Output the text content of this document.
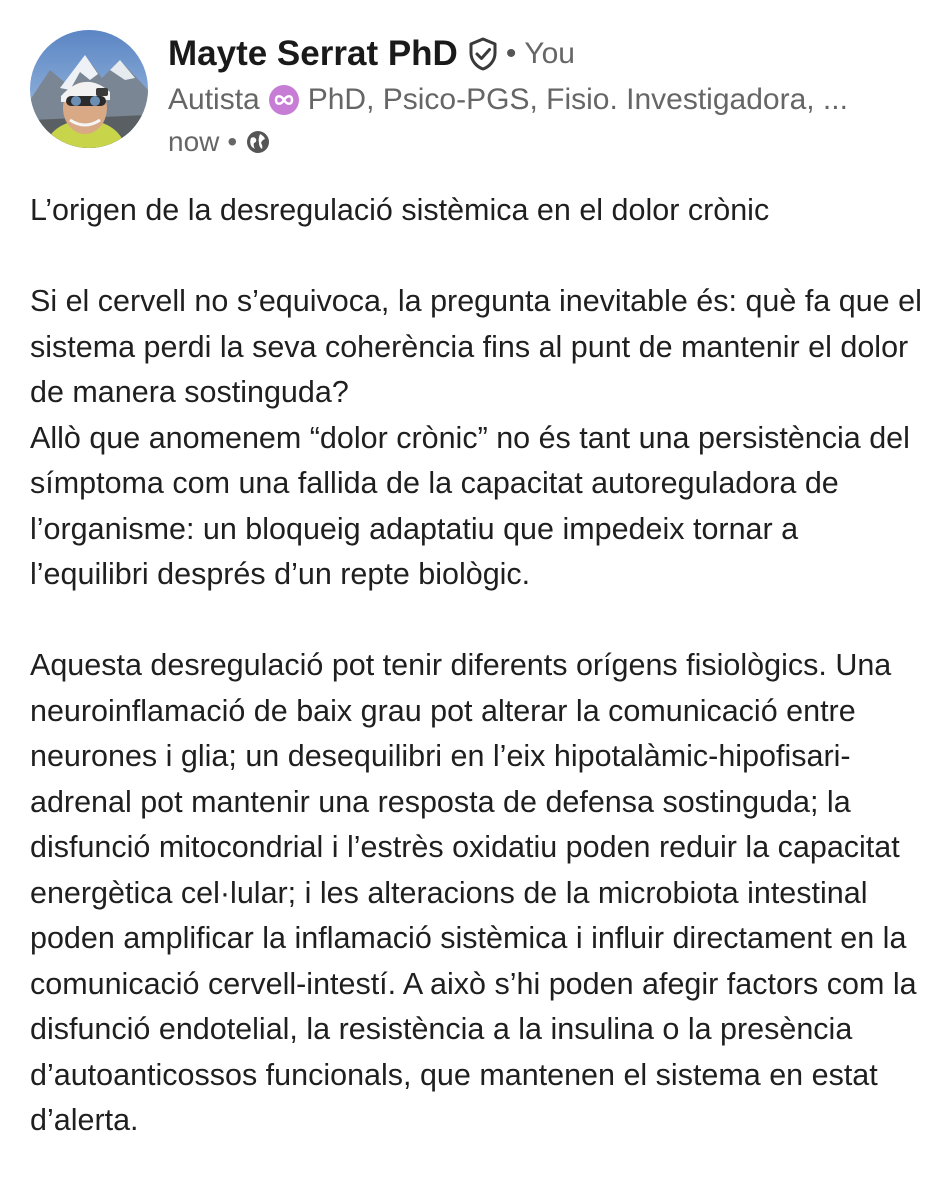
Mayte Serrat PhD • You
Autista PhD, Psico-PGS, Fisio. Investigadora, ...
now •

L’origen de la desregulació sistèmica en el dolor crònic

Si el cervell no s’equivoca, la pregunta inevitable és: què fa que el sistema perdi la seva coherència fins al punt de mantenir el dolor de manera sostinguda?

Allò que anomenem “dolor crònic” no és tant una persistència del símptoma com una fallida de la capacitat autoreguladora de l’organisme: un bloqueig adaptatiu que impedeix tornar a l’equilibri després d’un repte biològic.

Aquesta desregulació pot tenir diferents orígens fisiològics. Una neuroinflamació de baix grau pot alterar la comunicació entre neurones i glia; un desequilibri en l’eix hipotalàmic-hipofisari-adrenal pot mantenir una resposta de defensa sostinguda; la disfunció mitocondrial i l’estrès oxidatiu poden reduir la capacitat energètica cel·lular; i les alteracions de la microbiota intestinal poden amplificar la inflamació sistèmica i influir directament en la comunicació cervell-intestí. A això s’hi poden afegir factors com la disfunció endotelial, la resistència a la insulina o la presència d’autoanticossos funcionals, que mantenen el sistema en estat d’alerta.
